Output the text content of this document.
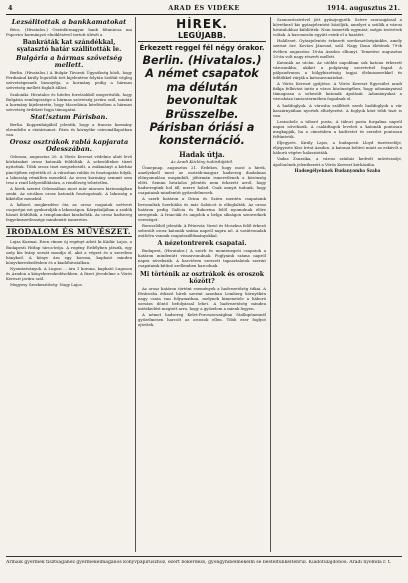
4	ARAD ÉS VIDÉKE	1914. augusztus 21.
Lezsálitottak a bankkamatokat
Bécs, (Hivatalos.) Osztrák-magyar bank főtanácsa ma Popovics kormányzó elnöklésével tartott ülését a
Bankráták kat szándékkal, syatasztó határ szállították le.
Bulgária a hármas szövetség mellett.
Berlin. (Hivatalos.) A Bulgár Távirati Ügynökség közli, hogy Ferdinánd király legutóbb tett kijelentése folytán Szófiát végleg szövetségesnek bizonyítja, a kormány pedig a hármas szövetség mellett foglalt állást.
Szaloniki. Hivatalos és hiteles forrásokból megerősítik, hogy Bulgária semlegessége a hármas szövetség javára szól, miután a kormány kijelentette, hogy Macedónia kérdésében a hármas szövetség érdekeit fogja támogatni.
Stat!sztum Párisban.
Berlin. Koppenhágából jelentik, hogy a francia kormány elrendelte a statáriumot. Páris és környéke ostromállapotban van.
Orosz osztrákok rablá kapjarata Odesszában.
Odessza, augusztus 20. A Vörös Kereszt védelme alatt levő kórházakat orosz katonák feldúlták. A sebesültekre tüzet nyitottak. Több orosz tiszt megsebesült, a zsákmányt a kórház pincéjében rejtették el. A városban rablás és fosztogatás folyik, a lakosság rémülten menekül. Az orosz kormány semmit sem tesz a rend helyreállítására, a rendőrség tehetetlen.
A hírek szerint Odesszában most már nincsen biztonságban senki. Az utcákon orosz katonák fosztogatnak. A lakosság a kikötőbe menekül.
A háború megkezdése óta az orosz csapatok szétvert csoportjai ezt gyakorolják a lakosságon. Kárpátaljában a zsidók házait feldúlták, a templomokat kirabolták. Az orosz hadsereg fegyelmezetlensége mindenütt ismeretes.
IRODALOM ÉS MŰVÉSZET.
Lujza Kozmai. Ezen címen új regényt adott ki Kádár Lajos, a Budapesti Hírlap tárca-írója. A regény Erdélyben játszik, egy szép kis leány sorsát mondja el, akit a végzet és a szerelem hánykod. A könyv ára egy korona, kapható minden könyvkereskedésben és a kiadóhivatalban.
Nyomtatványok. A Lugosi ... ára 1 korona, kapható Lugoson és Aradon a könyvkereskedésekben. A füzet jövedelme a Vörös Kereszt javára szól.
Megyesy Szerkesztőség: Nagy Lajos.
HÍREK.
LEGÚJABB.
Érkezett reggel fél négy órakor.
Berlin. (Hivatalos.) A német csapatok ma délután bevonultak Brüsszelbe. Párisban óriási a konsternáció.
Hadak útja.
Az Aradi Közlöny tudósítójától.
Ünnepnap, augusztus 21. Érdekes, hogy most a hírek, amelyekről most az osztrák-magyar hadsereg diadalmas előnyomulása megindult, jóformán ismeretlenek a közönség előtt. Semmi hivatalos jelentés nem érkezett arról, hogy hadseregünk hol áll, merre halad. Csak annyit tudunk, hogy csapataink mindenütt győzedelmesek.
A szerb határon a Drina és Száva mentén csapataink bevonultak Szerbiába és már Sabácot is elfoglalták. Az orosz határon pedig Galícia és Bukovina felől nyomulnak előre seregeink. A franciák és angolok a belga síkságon szenvednek vereséget.
Boroszlóból jelentik: A Pétervár, Varsó és Moszkva felől érkező sebesült orosz katonák száma napról napra nő. A vasútvonalak zsúfolva vannak csapatszállítmányokkal.
A nézetontrerek csapatai.
Budapest, (Hivatalos.) A szerb és montenegrói csapatok a határon mindenütt visszavonulnak. Foglyaink száma napról napra növekszik. A harctéren szerzett tapasztalatok szerint csapataink kitűnő szellemben harcolnak.
Mi történik az osztrákok és oroszok között?
Az orosz határon történt események a hadvezetőség titkai. A fővárosba érkező hírek szerint azonban Lemberg környékén nagy csata van folyamatban, melynek kimenetele a háború sorsára döntő befolyással lehet. A hadvezetőség minden intézkedést megtett arra, hogy a győzelem a mienk legyen.
A német hadsereg Kelet-Poroszországban Stallupönennél győzelmesen harcolt az oroszok ellen. Több ezer foglyot ejtettek.
Szomorúszívűvel jött gyászjegyzék. Szívre szorongással a következő kis gyászjelentést közöljük, amelyet a szülők a városi hivatalokhoz küldöttek: Nem ismerték egymást, mégis testvérek voltak. A harcmezőn együtt estek el a hazáért.
Haláleset. Gyászjelentés érkezett szerkesztőségünkbe, amely szerint özv. Kovács Jánosné, szül. Nagy Ilona életének 79-ik évében augusztus 18-án Aradon elhunyt. Temetése augusztus 20-án volt nagy részvét mellett.
Katonák az utcán. Az utóbbi napokban sok katona érkezett városunkba, akiket a polgárság szeretettel fogad. A pályaudvaron a hölgybizottság tagjai élelmiszerekkel és üdítőkkel várják a katonavonatokat.
A Vörös Kereszt gyűjtése. A Vörös Kereszt Egyesület aradi fiókja felhívást intéz a város közönségéhez, hogy adományaival támogassa a sebesült katonák ápolását. Adományokat a városháza tanácstermében fogadnak el.
A hadifoglyok. A városba szállított szerb hadifoglyok a vár kaszárnyáiban nyertek elhelyezést. A foglyok közt több tiszt is van.
Lesisobele a táboré posta. A tábori posta forgalma napról napra növekszik. A családtagok leveleit a katonák pontosan megkapják, ha a címzésben a hadtestet és ezredet pontosan feltüntetik.
Eljegyzés. Király Lajos, a budapesti Lloyd tisztviselője, eljegyezte Kiss Irént Aradon. A katonai behívó miatt az esküvőt a háború végére halasztották.
Vadas Zsuzsika, a városi színház kedvelt művésznője, ápolónőnek jelentkezett a Vörös Kereszt kórházába.
Hadsegélyeknek Budanyomba Szaba
Ármaik gyermek tisztságáhez gyermekelmagános könyvpapiruszhoz, ezért bőkérdezs, gyöngyhibelmekelm se besteltünkeltébrül. Kiadótulajdonos: Aradi nyomda r. t.
